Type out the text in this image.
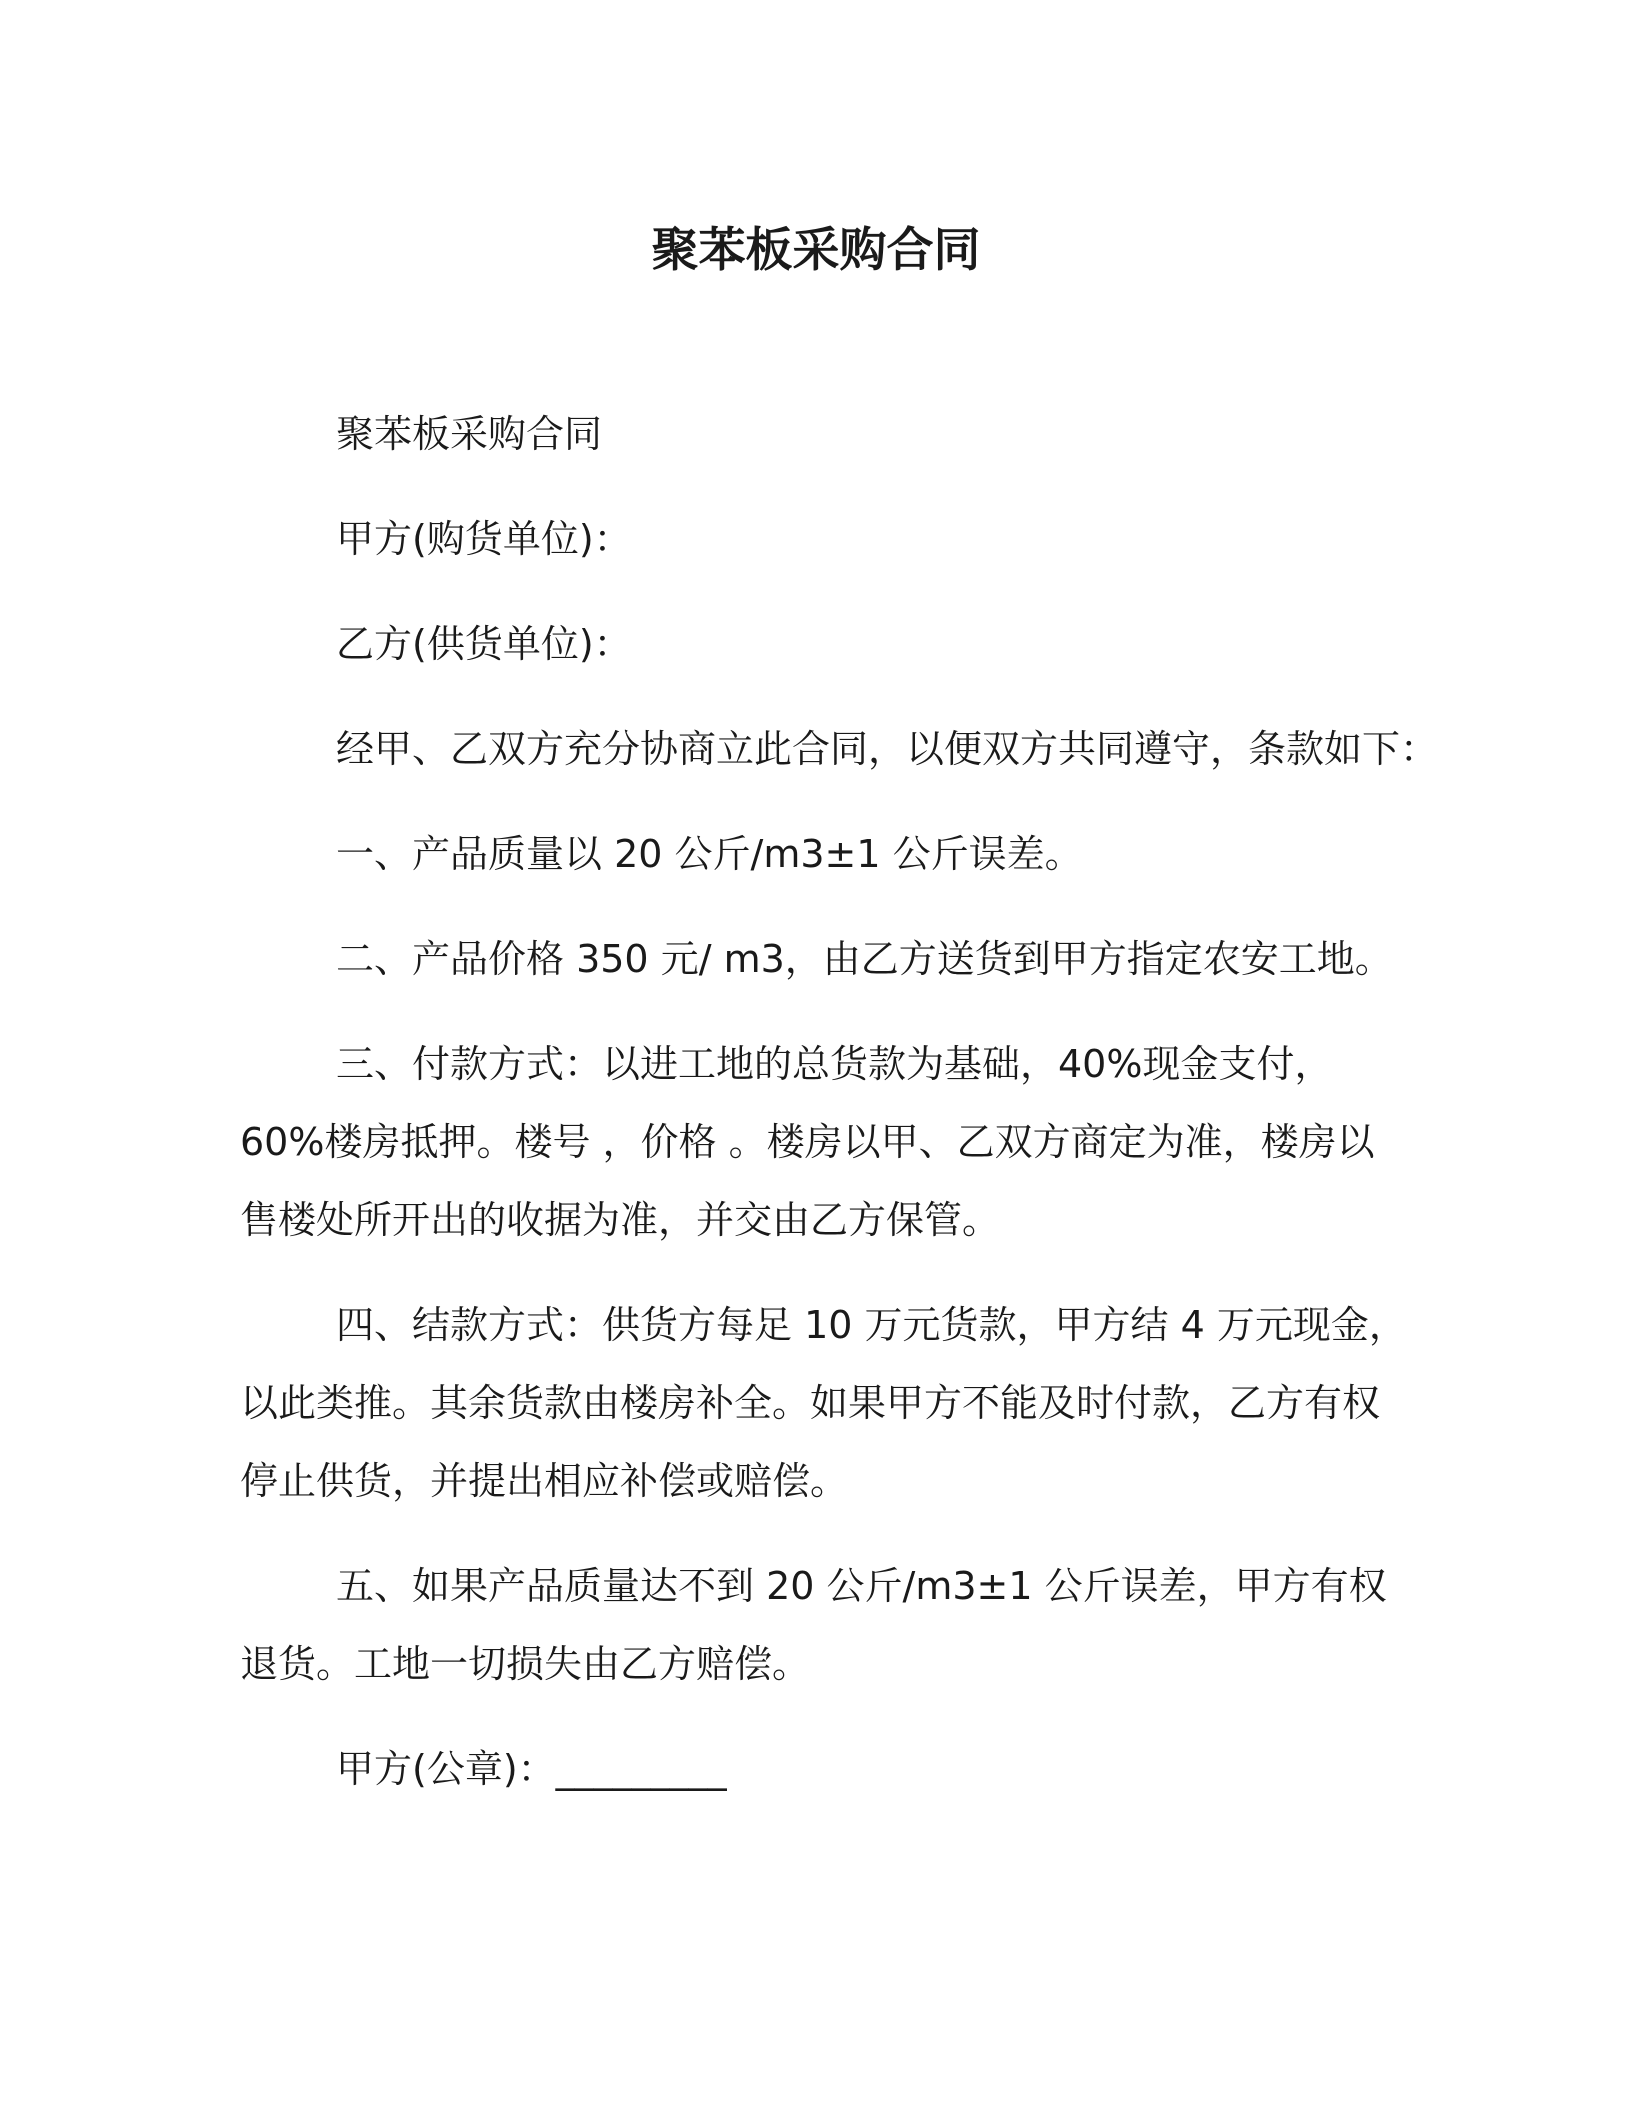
聚苯板采购合同

聚苯板采购合同

甲方(购货单位)：

乙方(供货单位)：

经甲、乙双方充分协商立此合同，以便双方共同遵守，条款如下：

一、产品质量以 20 公斤/m3±1 公斤误差。

二、产品价格 350 元/ m3，由乙方送货到甲方指定农安工地。

三、付款方式：以进工地的总货款为基础，40%现金支付，60%楼房抵押。楼号 ，价格 。楼房以甲、乙双方商定为准，楼房以售楼处所开出的收据为准，并交由乙方保管。

四、结款方式：供货方每足 10 万元货款，甲方结 4 万元现金，以此类推。其余货款由楼房补全。如果甲方不能及时付款，乙方有权停止供货，并提出相应补偿或赔偿。

五、如果产品质量达不到 20 公斤/m3±1 公斤误差，甲方有权退货。工地一切损失由乙方赔偿。

甲方(公章)：_________
